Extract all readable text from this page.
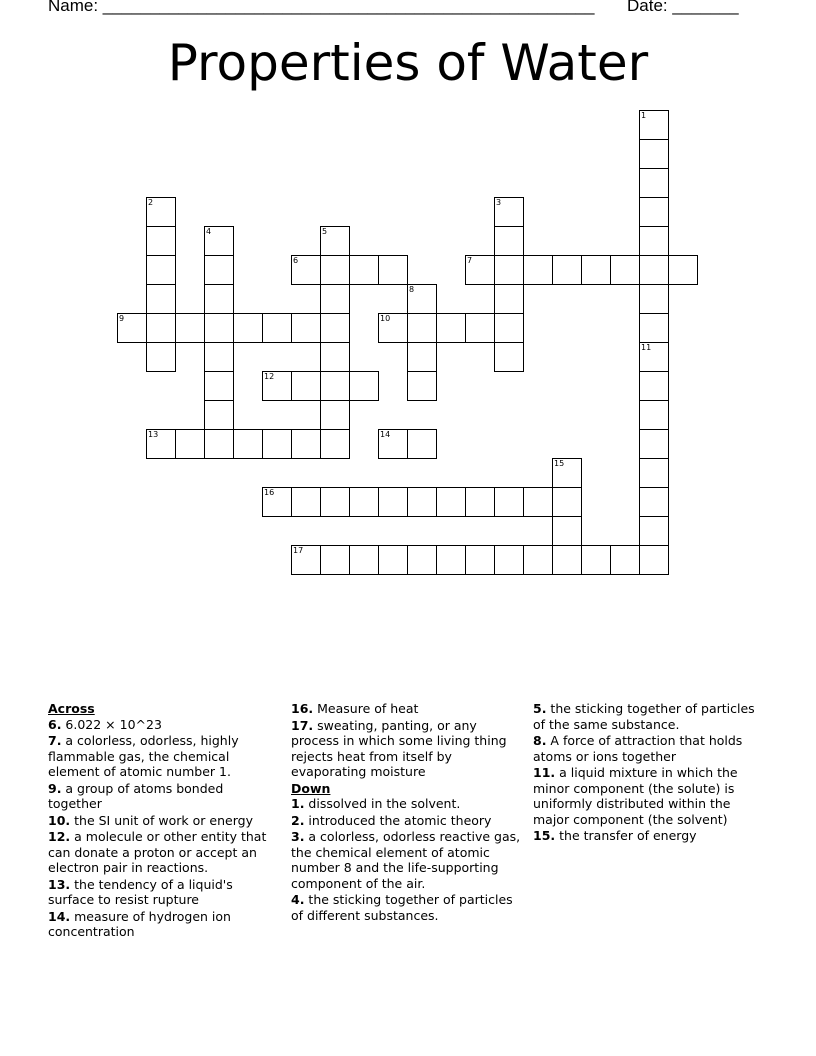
Name: ____________________________________________________ Date: _______
Properties of Water
1
11
2	3
4	5
6	7
8
9	10
12
13	14
15
16
17
Across
6. 6.022 × 10^23
7. a colorless, odorless, highly flammable gas, the chemical element of atomic number 1.
9. a group of atoms bonded together
10. the SI unit of work or energy
12. a molecule or other entity that can donate a proton or accept an electron pair in reactions.
13. the tendency of a liquid's surface to resist rupture
14. measure of hydrogen ion concentration
16. Measure of heat
17. sweating, panting, or any process in which some living thing rejects heat from itself by evaporating moisture
Down
1. dissolved in the solvent.
2. introduced the atomic theory
3. a colorless, odorless reactive gas, the chemical element of atomic number 8 and the life-supporting component of the air.
4. the sticking together of particles of different substances.
5. the sticking together of particles of the same substance.
8. A force of attraction that holds atoms or ions together
11. a liquid mixture in which the minor component (the solute) is uniformly distributed within the major component (the solvent)
15. the transfer of energy
